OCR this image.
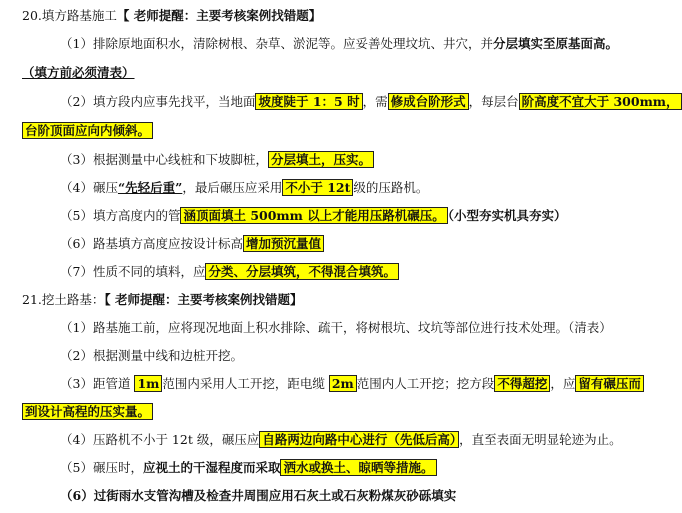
20.填方路基施工【 老师提醒：主要考核案例找错题】
（1）排除原地面积水，清除树根、杂草、淤泥等。应妥善处理坟坑、井穴，并分层填实至原基面高。
（填方前必须清表）
（2）填方段内应事先找平，当地面 坡度陡于 1：5 时 ，需 修成台阶形式 ，每层台 阶高度不宜大于 300mm，
台阶顶面应向内倾斜。
（3）根据测量中心线桩和下坡脚桩， 分层填土，压实。
（4）碾压“先轻后重”，最后碾压应采用 不小于 12t 级的压路机。
（5）填方高度内的管 涵顶面填土 500mm 以上才能用压路机碾压。 （小型夯实机具夯实）
（6）路基填方高度应按设计标高 增加预沉量值
（7）性质不同的填料，应 分类、分层填筑，不得混合填筑。
21.挖土路基：【 老师提醒：主要考核案例找错题】
（1）路基施工前，应将现况地面上积水排除、疏干，将树根坑、坟坑等部位进行技术处理。（清表）
（2）根据测量中线和边桩开挖。
（3）距管道 1m 范围内采用人工开挖，距电缆 2m 范围内人工开挖；挖方段 不得超挖 ，应 留有碾压而
到设计高程的压实量。
（4）压路机不小于 12t 级，碾压应 自路两边向路中心进行（先低后高） ，直至表面无明显轮迹为止。
（5）碾压时，应视土的干湿程度而采取 洒水或换土、晾晒等措施。
（6）过街雨水支管沟槽及检查井周围应用石灰土或石灰粉煤灰砂砾填实
